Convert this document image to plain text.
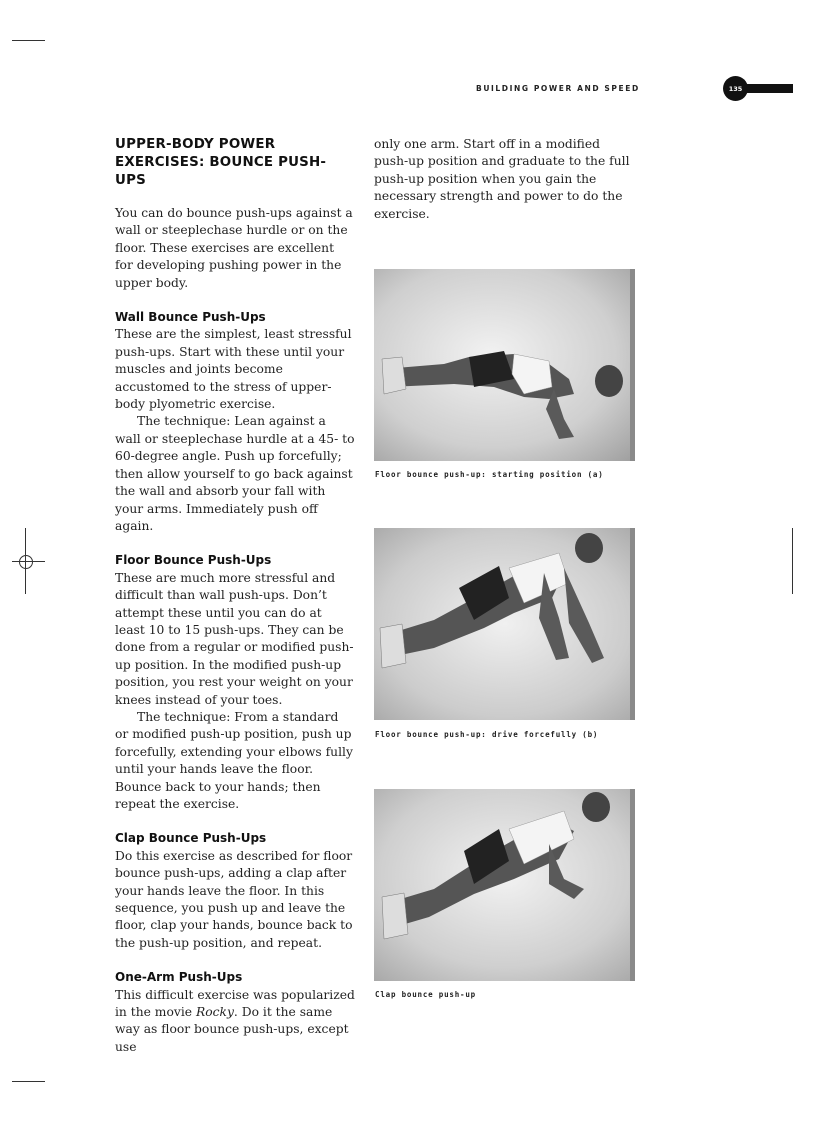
BUILDING POWER AND SPEED	135
UPPER-BODY POWER EXERCISES: BOUNCE PUSH-UPS

You can do bounce push-ups against a wall or steeplechase hurdle or on the floor. These exercises are excellent for developing pushing power in the upper body.

Wall Bounce Push-Ups

These are the simplest, least stressful push-ups. Start with these until your muscles and joints become accustomed to the stress of upper-body plyometric exercise.

The technique: Lean against a wall or steeplechase hurdle at a 45- to 60-degree angle. Push up forcefully; then allow yourself to go back against the wall and absorb your fall with your arms. Immediately push off again.

Floor Bounce Push-Ups

These are much more stressful and difficult than wall push-ups. Don’t attempt these until you can do at least 10 to 15 push-ups. They can be done from a regular or modified push-up position. In the modified push-up position, you rest your weight on your knees instead of your toes.

The technique: From a standard or modified push-up position, push up forcefully, extending your elbows fully until your hands leave the floor. Bounce back to your hands; then repeat the exercise.

Clap Bounce Push-Ups

Do this exercise as described for floor bounce push-ups, adding a clap after your hands leave the floor. In this sequence, you push up and leave the floor, clap your hands, bounce back to the push-up position, and repeat.

One-Arm Push-Ups

This difficult exercise was popularized in the movie Rocky. Do it the same way as floor bounce push-ups, except use

only one arm. Start off in a modified push-up position and graduate to the full push-up position when you gain the necessary strength and power to do the exercise.

Floor bounce push-up: starting position (a)
Floor bounce push-up: drive forcefully (b)
Clap bounce push-up
